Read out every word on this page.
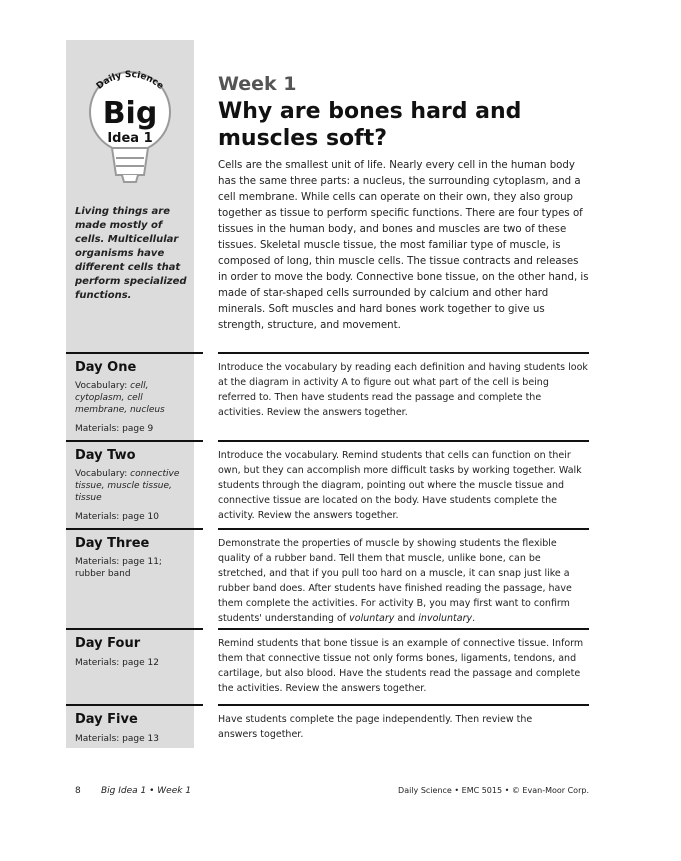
Daily Science
Big
Idea 1
Living things are made mostly of cells. Multicellular organisms have different cells that perform specialized functions.
Week 1
Why are bones hard and muscles soft?
Cells are the smallest unit of life. Nearly every cell in the human body has the same three parts: a nucleus, the surrounding cytoplasm, and a cell membrane. While cells can operate on their own, they also group together as tissue to perform specific functions. There are four types of tissues in the human body, and bones and muscles are two of these tissues. Skeletal muscle tissue, the most familiar type of muscle, is composed of long, thin muscle cells. The tissue contracts and releases in order to move the body. Connective bone tissue, on the other hand, is made of star-shaped cells surrounded by calcium and other hard minerals. Soft muscles and hard bones work together to give us strength, structure, and movement.
Day One
Vocabulary: cell, cytoplasm, cell membrane, nucleus
Materials: page 9
Introduce the vocabulary by reading each definition and having students look at the diagram in activity A to figure out what part of the cell is being referred to. Then have students read the passage and complete the activities. Review the answers together.
Day Two
Vocabulary: connective tissue, muscle tissue, tissue
Materials: page 10
Introduce the vocabulary. Remind students that cells can function on their own, but they can accomplish more difficult tasks by working together. Walk students through the diagram, pointing out where the muscle tissue and connective tissue are located on the body. Have students complete the activity. Review the answers together.
Day Three
Materials: page 11; rubber band
Demonstrate the properties of muscle by showing students the flexible quality of a rubber band. Tell them that muscle, unlike bone, can be stretched, and that if you pull too hard on a muscle, it can snap just like a rubber band does. After students have finished reading the passage, have them complete the activities. For activity B, you may first want to confirm students' understanding of voluntary and involuntary.
Day Four
Materials: page 12
Remind students that bone tissue is an example of connective tissue. Inform them that connective tissue not only forms bones, ligaments, tendons, and cartilage, but also blood. Have the students read the passage and complete the activities. Review the answers together.
Day Five
Materials: page 13
Have students complete the page independently. Then review the answers together.
8 Big Idea 1 • Week 1	Daily Science • EMC 5015 • © Evan-Moor Corp.
